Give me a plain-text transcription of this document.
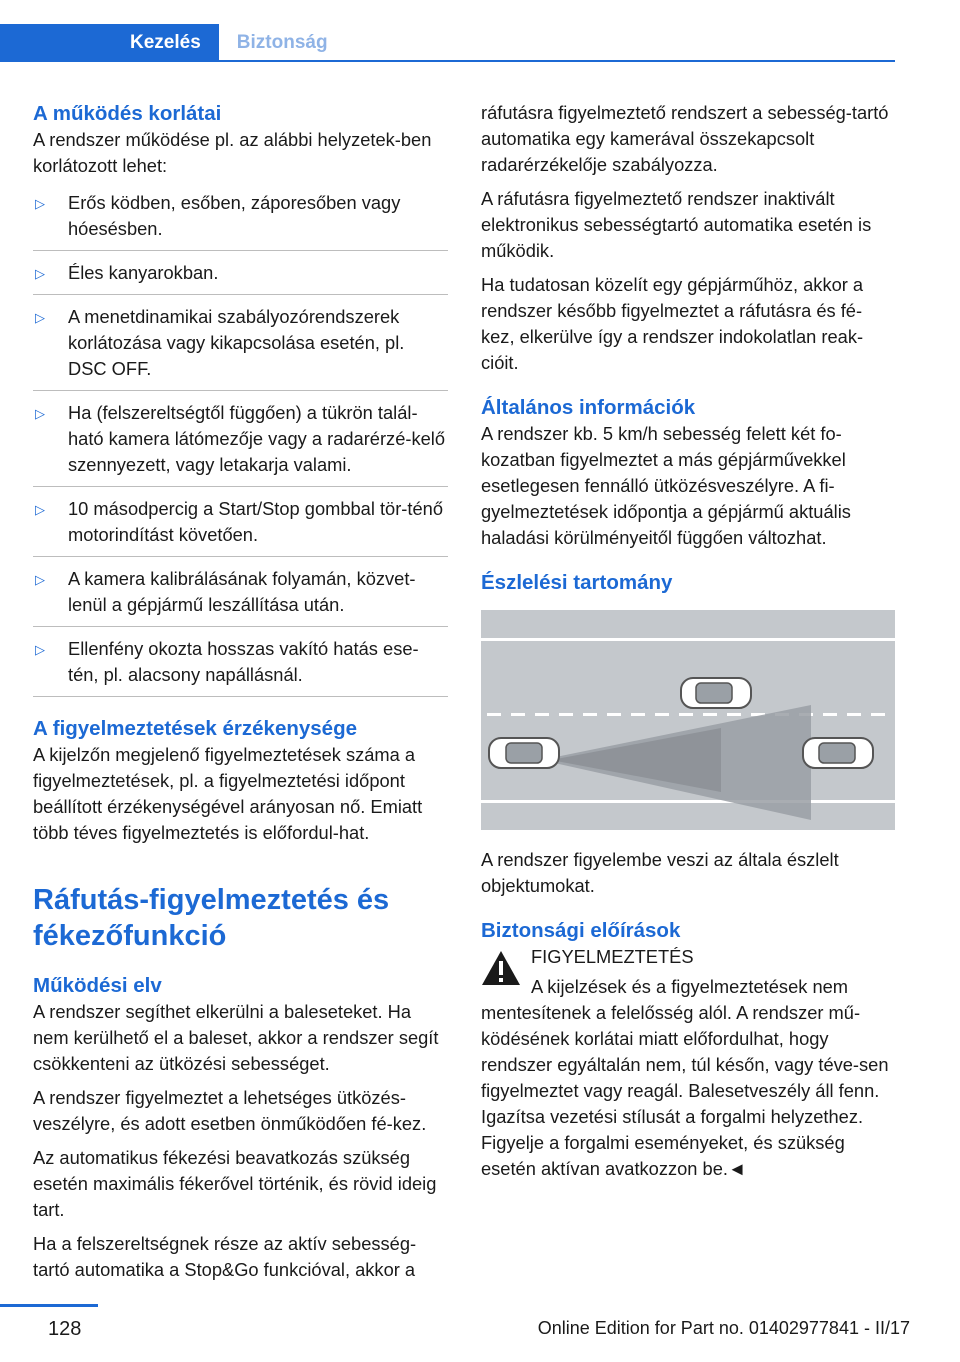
Kezelés	Biztonság
A működés korlátai
A rendszer működése pl. az alábbi helyzetek-ben korlátozott lehet:
▷ Erős ködben, esőben, záporesőben vagy hóesésben.
▷ Éles kanyarokban.
▷ A menetdinamikai szabályozórendszerek korlátozása vagy kikapcsolása esetén, pl. DSC OFF.
▷ Ha (felszereltségtől függően) a tükrön talál-ható kamera látómezője vagy a radarérzé-kelő szennyezett, vagy letakarja valami.
▷ 10 másodpercig a Start/Stop gombbal tör-ténő motorindítást követően.
▷ A kamera kalibrálásának folyamán, közvet-lenül a gépjármű leszállítása után.
▷ Ellenfény okozta hosszas vakító hatás ese-tén, pl. alacsony napállásnál.
A figyelmeztetések érzékenysége
A kijelzőn megjelenő figyelmeztetések száma a figyelmeztetések, pl. a figyelmeztetési időpont beállított érzékenységével arányosan nő. Emiatt több téves figyelmeztetés is előfordul-hat.
Ráfutás-figyelmeztetés és fékezőfunkció
Működési elv
A rendszer segíthet elkerülni a baleseteket. Ha nem kerülhető el a baleset, akkor a rendszer segít csökkenteni az ütközési sebességet.
A rendszer figyelmeztet a lehetséges ütközés-veszélyre, és adott esetben önműködően fé-kez.
Az automatikus fékezési beavatkozás szükség esetén maximális fékerővel történik, és rövid ideig tart.
Ha a felszereltségnek része az aktív sebesség-tartó automatika a Stop&Go funkcióval, akkor a
ráfutásra figyelmeztető rendszert a sebesség-tartó automatika egy kamerával összekapcsolt radarérzékelője szabályozza.
A ráfutásra figyelmeztető rendszer inaktivált elektronikus sebességtartó automatika esetén is működik.
Ha tudatosan közelít egy gépjárműhöz, akkor a rendszer később figyelmeztet a ráfutásra és fé-kez, elkerülve így a rendszer indokolatlan reak-cióit.
Általános információk
A rendszer kb. 5 km/h sebesség felett két fo-kozatban figyelmeztet a más gépjárművekkel esetlegesen fennálló ütközésveszélyre. A fi-gyelmeztetések időpontja a gépjármű aktuális haladási körülményeitől függően változhat.
Észlelési tartomány
A rendszer figyelembe veszi az általa észlelt objektumokat.
Biztonsági előírások
FIGYELMEZTETÉS
A kijelzések és a figyelmeztetések nem mentesítenek a felelősség alól. A rendszer mű-ködésének korlátai miatt előfordulhat, hogy rendszer egyáltalán nem, túl későn, vagy téve-sen figyelmeztet vagy reagál. Balesetveszély áll fenn. Igazítsa vezetési stílusát a forgalmi helyzethez. Figyelje a forgalmi eseményeket, és szükség esetén aktívan avatkozzon be.◄
128	Online Edition for Part no. 01402977841 - II/17
